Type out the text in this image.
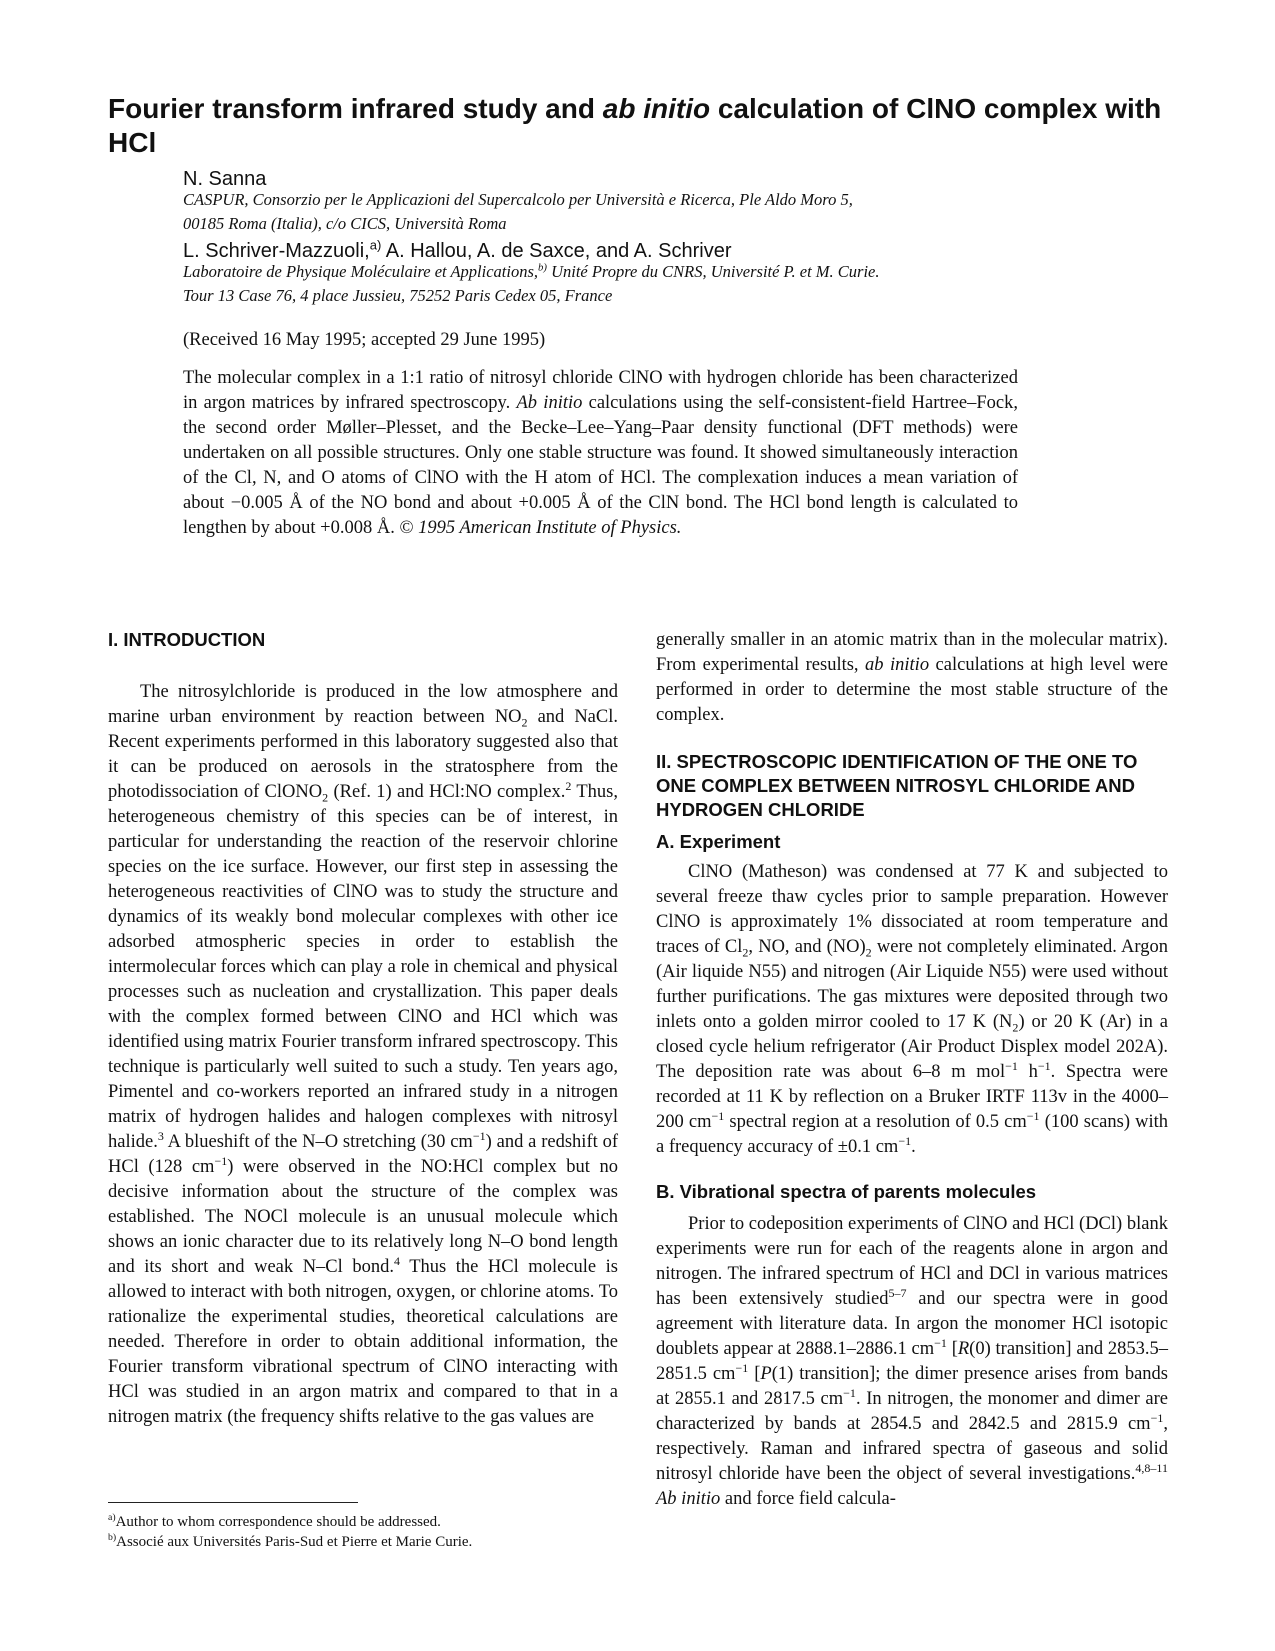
Fourier transform infrared study and ab initio calculation of ClNO complex with HCl
N. Sanna
CASPUR, Consorzio per le Applicazioni del Supercalcolo per Università e Ricerca, Ple Aldo Moro 5,
00185 Roma (Italia), c/o CICS, Università Roma
L. Schriver-Mazzuoli,$^{a)}$ A. Hallou, A. de Saxce, and A. Schriver
Laboratoire de Physique Moléculaire et Applications,$^{b)}$ Unité Propre du CNRS, Université P. et M. Curie.
Tour 13 Case 76, 4 place Jussieu, 75252 Paris Cedex 05, France
(Received 16 May 1995; accepted 29 June 1995)
The molecular complex in a 1:1 ratio of nitrosyl chloride ClNO with hydrogen chloride has been characterized in argon matrices by infrared spectroscopy. Ab initio calculations using the self-consistent-field Hartree–Fock, the second order Møller–Plesset, and the Becke–Lee–Yang–Paar density functional (DFT methods) were undertaken on all possible structures. Only one stable structure was found. It showed simultaneously interaction of the Cl, N, and O atoms of ClNO with the H atom of HCl. The complexation induces a mean variation of about −0.005 Å of the NO bond and about +0.005 Å of the ClN bond. The HCl bond length is calculated to lengthen by about +0.008 Å. © 1995 American Institute of Physics.
I. INTRODUCTION

The nitrosylchloride is produced in the low atmosphere and marine urban environment by reaction between $NO_2$ and NaCl. Recent experiments performed in this laboratory suggested also that it can be produced on aerosols in the stratosphere from the photodissociation of ClONO$_2$ (Ref. 1) and HCl:NO complex.$^2$ Thus, heterogeneous chemistry of this species can be of interest, in particular for understanding the reaction of the reservoir chlorine species on the ice surface. However, our first step in assessing the heterogeneous reactivities of ClNO was to study the structure and dynamics of its weakly bond molecular complexes with other ice adsorbed atmospheric species in order to establish the intermolecular forces which can play a role in chemical and physical processes such as nucleation and crystallization. This paper deals with the complex formed between ClNO and HCl which was identified using matrix Fourier transform infrared spectroscopy. This technique is particularly well suited to such a study. Ten years ago, Pimentel and co-workers reported an infrared study in a nitrogen matrix of hydrogen halides and halogen complexes with nitrosyl halide.$^3$ A blueshift of the N–O stretching (30 $cm^{-1}$) and a redshift of HCl (128 $cm^{-1}$) were observed in the NO:HCl complex but no decisive information about the structure of the complex was established. The NOCl molecule is an unusual molecule which shows an ionic character due to its relatively long N–O bond length and its short and weak N–Cl bond.$^4$ Thus the HCl molecule is allowed to interact with both nitrogen, oxygen, or chlorine atoms. To rationalize the experimental studies, theoretical calculations are needed. Therefore in order to obtain additional information, the Fourier transform vibrational spectrum of ClNO interacting with HCl was studied in an argon matrix and compared to that in a nitrogen matrix (the frequency shifts relative to the gas values are

generally smaller in an atomic matrix than in the molecular matrix). From experimental results, ab initio calculations at high level were performed in order to determine the most stable structure of the complex.

II. SPECTROSCOPIC IDENTIFICATION OF THE ONE TO ONE COMPLEX BETWEEN NITROSYL CHLORIDE AND HYDROGEN CHLORIDE
A. Experiment

ClNO (Matheson) was condensed at 77 K and subjected to several freeze thaw cycles prior to sample preparation. However ClNO is approximately 1% dissociated at room temperature and traces of $Cl_2$, NO, and $(NO)_2$ were not completely eliminated. Argon (Air liquide N55) and nitrogen (Air Liquide N55) were used without further purifications. The gas mixtures were deposited through two inlets onto a golden mirror cooled to 17 K $(N_2)$ or 20 K (Ar) in a closed cycle helium refrigerator (Air Product Displex model 202A). The deposition rate was about 6–8 m mol$^{-1}$ $h^{-1}$. Spectra were recorded at 11 K by reflection on a Bruker IRTF 113v in the 4000–200 $cm^{-1}$ spectral region at a resolution of 0.5 $cm^{-1}$ (100 scans) with a frequency accuracy of ±0.1 $cm^{-1}$.

B. Vibrational spectra of parents molecules

Prior to codeposition experiments of ClNO and HCl (DCl) blank experiments were run for each of the reagents alone in argon and nitrogen. The infrared spectrum of HCl and DCl in various matrices has been extensively studied$^{5-7}$ and our spectra were in good agreement with literature data. In argon the monomer HCl isotopic doublets appear at 2888.1–2886.1 $cm^{-1}$ [R(0) transition] and 2853.5–2851.5 $cm^{-1}$ [P(1) transition]; the dimer presence arises from bands at 2855.1 and 2817.5 $cm^{-1}$. In nitrogen, the monomer and dimer are characterized by bands at 2854.5 and 2842.5 and 2815.9 $cm^{-1}$, respectively. Raman and infrared spectra of gaseous and solid nitrosyl chloride have been the object of several investigations.$^{4,8-11}$ Ab initio and force field calcula-

$^{a)}$Author to whom correspondence should be addressed.
$^{b)}$Associé aux Universités Paris-Sud et Pierre et Marie Curie.
